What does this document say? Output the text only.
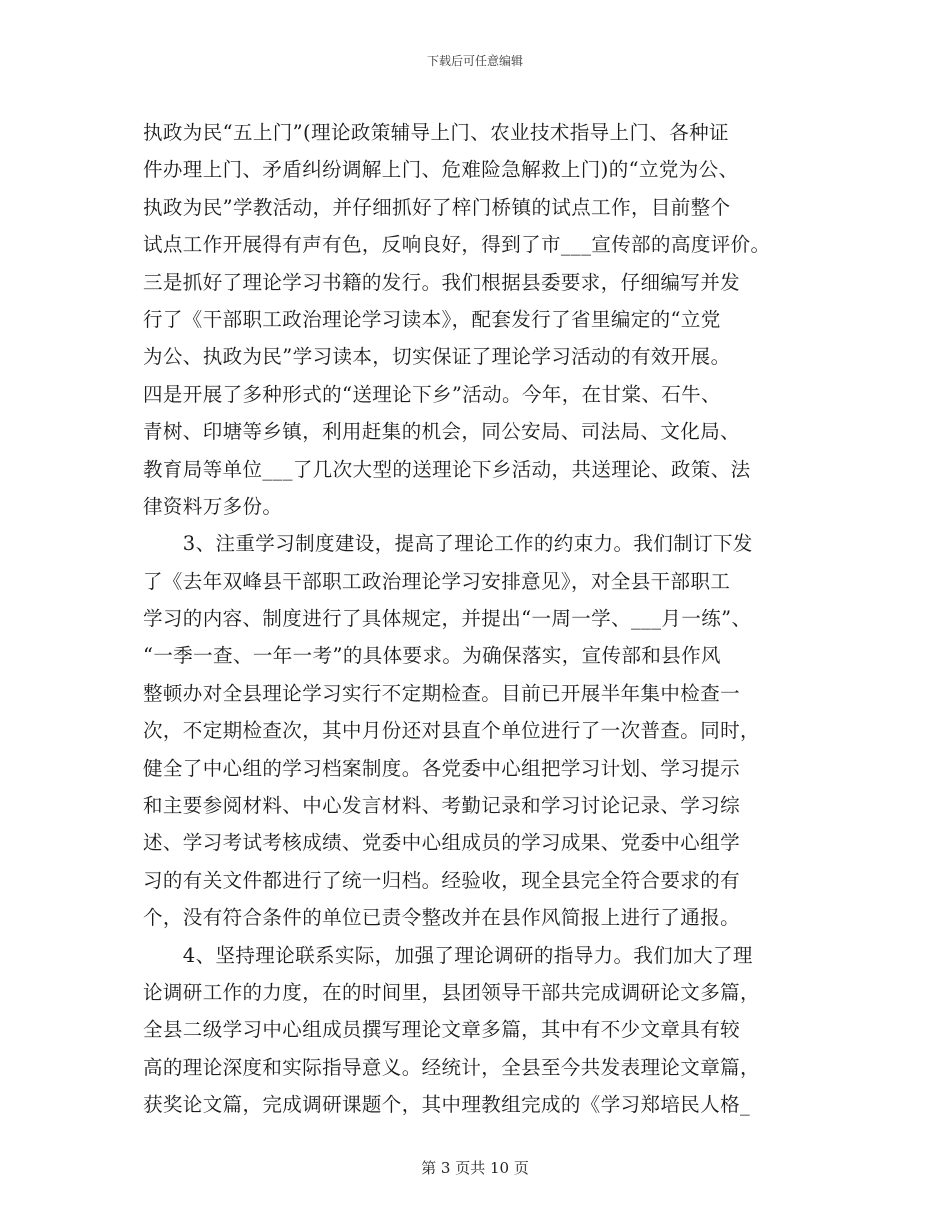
下载后可任意编辑
执政为民“五上门”(理论政策辅导上门、农业技术指导上门、各种证
件办理上门、矛盾纠纷调解上门、危难险急解救上门)的“立党为公、
执政为民”学教活动，并仔细抓好了梓门桥镇的试点工作，目前整个
试点工作开展得有声有色，反响良好，得到了市___宣传部的高度评价。
三是抓好了理论学习书籍的发行。我们根据县委要求，仔细编写并发
行了《干部职工政治理论学习读本》，配套发行了省里编定的“立党
为公、执政为民”学习读本，切实保证了理论学习活动的有效开展。
四是开展了多种形式的“送理论下乡”活动。今年，在甘棠、石牛、
青树、印塘等乡镇，利用赶集的机会，同公安局、司法局、文化局、
教育局等单位___了几次大型的送理论下乡活动，共送理论、政策、法
律资料万多份。
　　3、注重学习制度建设，提高了理论工作的约束力。我们制订下发
了《去年双峰县干部职工政治理论学习安排意见》，对全县干部职工
学习的内容、制度进行了具体规定，并提出“一周一学、___月一练”、
“一季一查、一年一考”的具体要求。为确保落实，宣传部和县作风
整顿办对全县理论学习实行不定期检查。目前已开展半年集中检查一
次，不定期检查次，其中月份还对县直个单位进行了一次普查。同时，
健全了中心组的学习档案制度。各党委中心组把学习计划、学习提示
和主要参阅材料、中心发言材料、考勤记录和学习讨论记录、学习综
述、学习考试考核成绩、党委中心组成员的学习成果、党委中心组学
习的有关文件都进行了统一归档。经验收，现全县完全符合要求的有
个，没有符合条件的单位已责令整改并在县作风简报上进行了通报。
　　4、坚持理论联系实际，加强了理论调研的指导力。我们加大了理
论调研工作的力度，在的时间里，县团领导干部共完成调研论文多篇，
全县二级学习中心组成员撰写理论文章多篇，其中有不少文章具有较
高的理论深度和实际指导意义。经统计，全县至今共发表理论文章篇，
获奖论文篇，完成调研课题个，其中理教组完成的《学习郑培民人格_
第 3 页共 10 页
